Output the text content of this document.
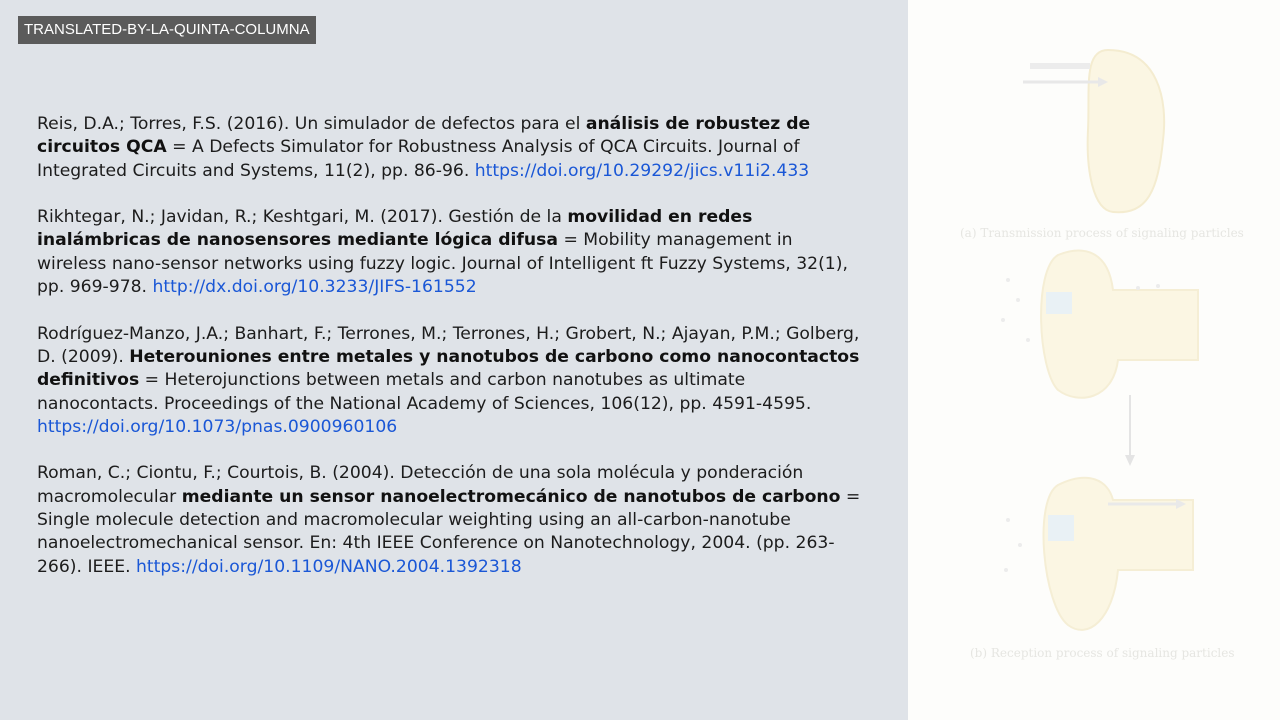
TRANSLATED-BY-LA-QUINTA-COLUMNA

Reis, D.A.; Torres, F.S. (2016). Un simulador de defectos para el análisis de robustez de circuitos QCA = A Defects Simulator for Robustness Analysis of QCA Circuits. Journal of Integrated Circuits and Systems, 11(2), pp. 86-96. https://doi.org/10.29292/jics.v11i2.433

Rikhtegar, N.; Javidan, R.; Keshtgari, M. (2017). Gestión de la movilidad en redes inalámbricas de nanosensores mediante lógica difusa = Mobility management in wireless nano-sensor networks using fuzzy logic. Journal of Intelligent ft Fuzzy Systems, 32(1), pp. 969-978. http://dx.doi.org/10.3233/JIFS-161552

Rodríguez-Manzo, J.A.; Banhart, F.; Terrones, M.; Terrones, H.; Grobert, N.; Ajayan, P.M.; Golberg, D. (2009). Heterouniones entre metales y nanotubos de carbono como nanocontactos definitivos = Heterojunctions between metals and carbon nanotubes as ultimate nanocontacts. Proceedings of the National Academy of Sciences, 106(12), pp. 4591-4595. https://doi.org/10.1073/pnas.0900960106

Roman, C.; Ciontu, F.; Courtois, B. (2004). Detección de una sola molécula y ponderación macromolecular mediante un sensor nanoelectromecánico de nanotubos de carbono = Single molecule detection and macromolecular weighting using an all-carbon-nanotube nanoelectromechanical sensor. En: 4th IEEE Conference on Nanotechnology, 2004. (pp. 263-266). IEEE. https://doi.org/10.1109/NANO.2004.1392318

(a) Transmission process of signaling particles
(b) Reception process of signaling particles
